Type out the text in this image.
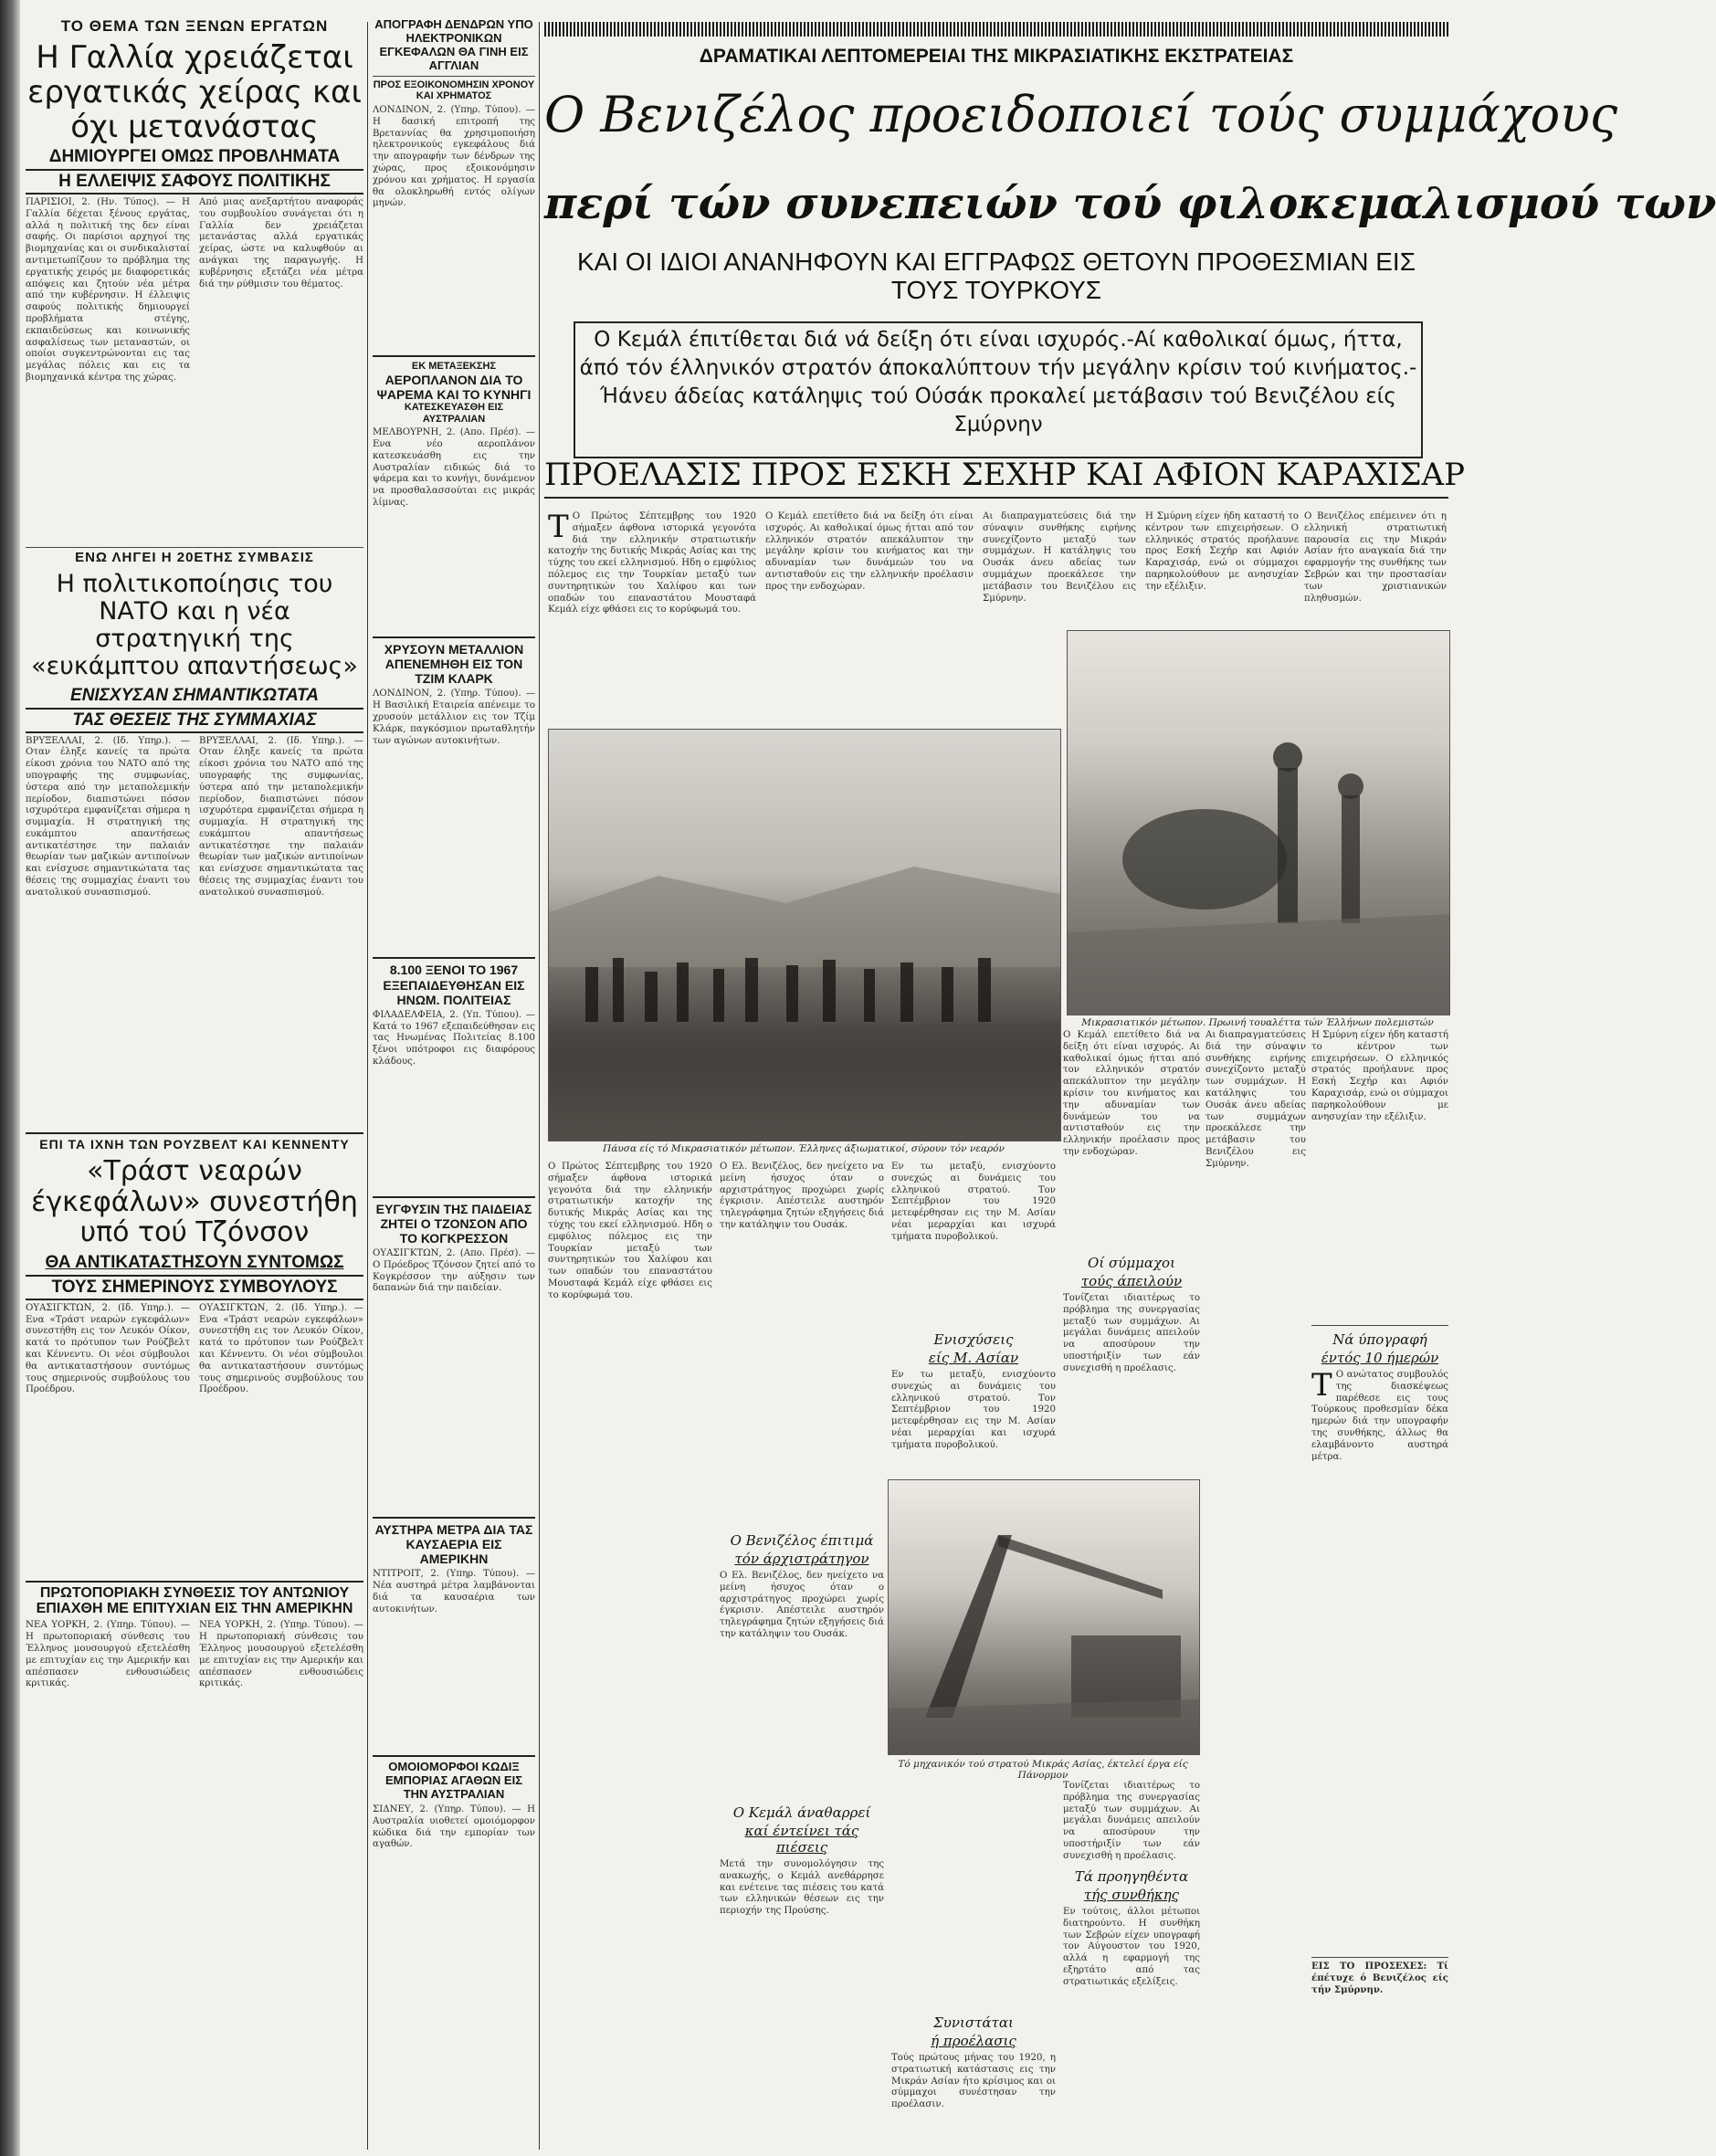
ΤΟ ΘΕΜΑ ΤΩΝ ΞΕΝΩΝ ΕΡΓΑΤΩΝ
Η Γαλλία χρειάζεται εργατικάς χείρας και όχι μετανάστας
ΔΗΜΙΟΥΡΓΕΙ ΟΜΩΣ ΠΡΟΒΛΗΜΑΤΑ
Η ΕΛΛΕΙΨΙΣ ΣΑΦΟΥΣ ΠΟΛΙΤΙΚΗΣ

ΠΑΡΙΣΙΟΙ, 2. (Ην. Τύπος). — Η Γαλλία δέχεται ξένους εργάτας, αλλά η πολιτική της δεν είναι σαφής. Οι παρίσιοι αρχηγοί της βιομηχανίας και οι συνδικαλισταί αντιμετωπίζουν το πρόβλημα της εργατικής χειρός με διαφορετικάς απόψεις και ζητούν νέα μέτρα από την κυβέρνησιν. Η έλλειψις σαφούς πολιτικής δημιουργεί προβλήματα στέγης, εκπαιδεύσεως και κοινωνικής ασφαλίσεως των μεταναστών, οι οποίοι συγκεντρώνονται εις τας μεγάλας πόλεις και εις τα βιομηχανικά κέντρα της χώρας.

Από μιας ανεξαρτήτου αναφοράς του συμβουλίου συνάγεται ότι η Γαλλία δεν χρειάζεται μετανάστας αλλά εργατικάς χείρας, ώστε να καλυφθούν αι ανάγκαι της παραγωγής. Η κυβέρνησις εξετάζει νέα μέτρα διά την ρύθμισιν του θέματος.

ΕΝΩ ΛΗΓΕΙ Η 20ΕΤΗΣ ΣΥΜΒΑΣΙΣ
Η πολιτικοποίησις του ΝΑΤΟ και η νέα στρατηγική της «ευκάμπτου απαντήσεως»
ΕΝΙΣΧΥΣΑΝ ΣΗΜΑΝΤΙΚΩΤΑΤΑ
ΤΑΣ ΘΕΣΕΙΣ ΤΗΣ ΣΥΜΜΑΧΙΑΣ

ΒΡΥΞΕΛΛΑΙ, 2. (Ιδ. Υπηρ.). — Οταν έληξε κανείς τα πρώτα είκοσι χρόνια του ΝΑΤΟ από της υπογραφής της συμφωνίας, ύστερα από την μεταπολεμικήν περίοδον, διαπιστώνει πόσον ισχυρότερα εμφανίζεται σήμερα η συμμαχία. Η στρατηγική της ευκάμπτου απαντήσεως αντικατέστησε την παλαιάν θεωρίαν των μαζικών αντιποίνων και ενίσχυσε σημαντικώτατα τας θέσεις της συμμαχίας έναντι του ανατολικού συνασπισμού.

ΒΡΥΞΕΛΛΑΙ, 2. (Ιδ. Υπηρ.). — Οταν έληξε κανείς τα πρώτα είκοσι χρόνια του ΝΑΤΟ από της υπογραφής της συμφωνίας, ύστερα από την μεταπολεμικήν περίοδον, διαπιστώνει πόσον ισχυρότερα εμφανίζεται σήμερα η συμμαχία. Η στρατηγική της ευκάμπτου απαντήσεως αντικατέστησε την παλαιάν θεωρίαν των μαζικών αντιποίνων και ενίσχυσε σημαντικώτατα τας θέσεις της συμμαχίας έναντι του ανατολικού συνασπισμού.

ΕΠΙ ΤΑ ΙΧΝΗ ΤΩΝ ΡΟΥΖΒΕΛΤ ΚΑΙ ΚΕΝΝΕΝΤΥ
«Τράστ νεαρών έγκεφάλων» συνεστήθη υπό τού Τζόνσον
ΘΑ ΑΝΤΙΚΑΤΑΣΤΗΣΟΥΝ ΣΥΝΤΟΜΩΣ
ΤΟΥΣ ΣΗΜΕΡΙΝΟΥΣ ΣΥΜΒΟΥΛΟΥΣ

ΟΥΑΣΙΓΚΤΩΝ, 2. (Ιδ. Υπηρ.). — Ενα «Τράστ νεαρών εγκεφάλων» συνεστήθη εις τον Λευκόν Οίκον, κατά το πρότυπον των Ρούζβελτ και Κέννεντυ. Οι νέοι σύμβουλοι θα αντικαταστήσουν συντόμως τους σημερινούς συμβούλους του Προέδρου.

ΟΥΑΣΙΓΚΤΩΝ, 2. (Ιδ. Υπηρ.). — Ενα «Τράστ νεαρών εγκεφάλων» συνεστήθη εις τον Λευκόν Οίκον, κατά το πρότυπον των Ρούζβελτ και Κέννεντυ. Οι νέοι σύμβουλοι θα αντικαταστήσουν συντόμως τους σημερινούς συμβούλους του Προέδρου.

ΠΡΩΤΟΠΟΡΙΑΚΗ ΣΥΝΘΕΣΙΣ ΤΟΥ ΑΝΤΩΝΙΟΥ ΕΠΙΑΧΘΗ ΜΕ ΕΠΙΤΥΧΙΑΝ ΕΙΣ ΤΗΝ ΑΜΕΡΙΚΗΝ

ΝΕΑ ΥΟΡΚΗ, 2. (Υπηρ. Τύπου). — Η πρωτοποριακή σύνθεσις του Έλληνος μουσουργού εξετελέσθη με επιτυχίαν εις την Αμερικήν και απέσπασεν ενθουσιώδεις κριτικάς.

ΝΕΑ ΥΟΡΚΗ, 2. (Υπηρ. Τύπου). — Η πρωτοποριακή σύνθεσις του Έλληνος μουσουργού εξετελέσθη με επιτυχίαν εις την Αμερικήν και απέσπασεν ενθουσιώδεις κριτικάς.

ΑΠΟΓΡΑΦΗ ΔΕΝΔΡΩΝ ΥΠΟ ΗΛΕΚΤΡΟΝΙΚΩΝ ΕΓΚΕΦΑΛΩΝ ΘΑ ΓΙΝΗ ΕΙΣ ΑΓΓΛΙΑΝ
ΠΡΟΣ ΕΞΟΙΚΟΝΟΜΗΣΙΝ ΧΡΟΝΟΥ ΚΑΙ ΧΡΗΜΑΤΟΣ

ΛΟΝΔΙΝΟΝ, 2. (Υπηρ. Τύπου). — Η δασική επιτροπή της Βρεταννίας θα χρησιμοποιήση ηλεκτρονικούς εγκεφάλους διά την απογραφήν των δένδρων της χώρας, προς εξοικονόμησιν χρόνου και χρήματος. Η εργασία θα ολοκληρωθή εντός ολίγων μηνών.

ΕΚ ΜΕΤΑΞΕΚΣΗΣ
ΑΕΡΟΠΛΑΝΟΝ ΔΙΑ ΤΟ ΨΑΡΕΜΑ ΚΑΙ ΤΟ ΚΥΝΗΓΙ
ΚΑΤΕΣΚΕΥΑΣΘΗ ΕΙΣ ΑΥΣΤΡΑΛΙΑΝ

ΜΕΛΒΟΥΡΝΗ, 2. (Απο. Πρέσ). — Ενα νέο αεροπλάνον κατεσκευάσθη εις την Αυστραλίαν ειδικώς διά το ψάρεμα και το κυνήγι, δυνάμενον να προσθαλασσούται εις μικράς λίμνας.

ΧΡΥΣΟΥΝ ΜΕΤΑΛΛΙΟΝ ΑΠΕΝΕΜΗΘΗ ΕΙΣ ΤΟΝ ΤΖΙΜ ΚΛΑΡΚ

ΛΟΝΔΙΝΟΝ, 2. (Υπηρ. Τύπου). — Η Βασιλική Εταιρεία απένειμε το χρυσούν μετάλλιον εις τον Τζίμ Κλάρκ, παγκόσμιον πρωταθλητήν των αγώνων αυτοκινήτων.

8.100 ΞΕΝΟΙ ΤΟ 1967 ΕΞΕΠΑΙΔΕΥΘΗΣΑΝ ΕΙΣ ΗΝΩΜ. ΠΟΛΙΤΕΙΑΣ

ΦΙΛΑΔΕΛΦΕΙΑ, 2. (Υπ. Τύπου). — Κατά το 1967 εξεπαιδεύθησαν εις τας Ηνωμένας Πολιτείας 8.100 ξένοι υπότροφοι εις διαφόρους κλάδους.

ΕΥΓΦΥΣΙΝ ΤΗΣ ΠΑΙΔΕΙΑΣ ΖΗΤΕΙ Ο ΤΖΟΝΣΟΝ ΑΠΟ ΤΟ ΚΟΓΚΡΕΣΣΟΝ

ΟΥΑΣΙΓΚΤΩΝ, 2. (Απο. Πρέσ). — Ο Πρόεδρος Τζόνσον ζητεί από το Κογκρέσσον την αύξησιν των δαπανών διά την παιδείαν.

ΑΥΣΤΗΡΑ ΜΕΤΡΑ ΔΙΑ ΤΑΣ ΚΑΥΣΑΕΡΙΑ ΕΙΣ ΑΜΕΡΙΚΗΝ

ΝΤΙΤΡΟΙΤ, 2. (Υπηρ. Τύπου). — Νέα αυστηρά μέτρα λαμβάνονται διά τα καυσαέρια των αυτοκινήτων.

ΟΜΟΙΟΜΟΡΦΟΙ ΚΩΔΙΞ ΕΜΠΟΡΙΑΣ ΑΓΑΘΩΝ ΕΙΣ ΤΗΝ ΑΥΣΤΡΑΛΙΑΝ

ΣΙΔΝΕΥ, 2. (Υπηρ. Τύπου). — Η Αυστραλία υιοθετεί ομοιόμορφον κώδικα διά την εμπορίαν των αγαθών.

ΔΡΑΜΑΤΙΚΑΙ ΛΕΠΤΟΜΕΡΕΙΑΙ ΤΗΣ ΜΙΚΡΑΣΙΑΤΙΚΗΣ ΕΚΣΤΡΑΤΕΙΑΣ
Ο Βενιζέλος προειδοποιεί τούς συμμάχους
περί τών συνεπειών τού φιλοκεμαλισμού των
ΚΑΙ ΟΙ ΙΔΙΟΙ ΑΝΑΝΗΦΟΥΝ ΚΑΙ ΕΓΓΡΑΦΩΣ ΘΕΤΟΥΝ ΠΡΟΘΕΣΜΙΑΝ ΕΙΣ ΤΟΥΣ ΤΟΥΡΚΟΥΣ
Ο Κεμάλ έπιτίθεται διά νά δείξη ότι είναι ισχυρός.-Αί καθολικαί όμως, ήττα, άπό τόν έλληνικόν στρατόν άποκαλύπτουν τήν μεγάλην κρίσιν τού κινήματος.- Ήάνευ άδείας κατάληψις τού Ούσάκ προκαλεί μετάβασιν τού Βενιζέλου είς Σμύρνην
ΠΡΟΕΛΑΣΙΣ ΠΡΟΣ ΕΣΚΗ ΣΕΧΗΡ ΚΑΙ ΑΦΙΟΝ ΚΑΡΑΧΙΣΑΡ
Τ Ο Πρώτος Σέπτεμβρης του 1920 σήμαξεν άφθονα ιστορικά γεγονότα διά την ελληνικήν στρατιωτικήν κατοχήν της δυτικής Μικράς Ασίας και της τύχης του εκεί ελληνισμού. Ηδη ο εμφύλιος πόλεμος εις την Τουρκίαν μεταξύ των συντηρητικών του Χαλίφου και των οπαδών του επαναστάτου Μουσταφά Κεμάλ είχε φθάσει εις το κορύφωμά του.

Ο Κεμάλ επετίθετο διά να δείξη ότι είναι ισχυρός. Αι καθολικαί όμως ήτται από τον ελληνικόν στρατόν απεκάλυπτον την μεγάλην κρίσιν του κινήματος και την αδυναμίαν των δυνάμεών του να αντισταθούν εις την ελληνικήν προέλασιν προς την ενδοχώραν.

Αι διαπραγματεύσεις διά την σύναψιν συνθήκης ειρήνης συνεχίζοντο μεταξύ των συμμάχων. Η κατάληψις του Ουσάκ άνευ αδείας των συμμάχων προεκάλεσε την μετάβασιν του Βενιζέλου εις Σμύρνην.

Η Σμύρνη είχεν ήδη καταστή το κέντρον των επιχειρήσεων. Ο ελληνικός στρατός προήλαυνε προς Εσκή Σεχήρ και Αφιόν Καραχισάρ, ενώ οι σύμμαχοι παρηκολούθουν με ανησυχίαν την εξέλιξιν.

Ο Βενιζέλος επέμεινεν ότι η ελληνική στρατιωτική παρουσία εις την Μικράν Ασίαν ήτο αναγκαία διά την εφαρμογήν της συνθήκης των Σεβρών και την προστασίαν των χριστιανικών πληθυσμών.

Πάυσα είς τό Μικρασιατικόν μέτωπον. Έλληνες άξιωματικοί, σύρουν τόν νεαρόν
Μικρασιατικόν μέτωπον. Πρωινή τουαλέττα τών Έλλήνων πολεμιστών

Ο Πρώτος Σέπτεμβρης του 1920 σήμαξεν άφθονα ιστορικά γεγονότα διά την ελληνικήν στρατιωτικήν κατοχήν της δυτικής Μικράς Ασίας και της τύχης του εκεί ελληνισμού. Ηδη ο εμφύλιος πόλεμος εις την Τουρκίαν μεταξύ των συντηρητικών του Χαλίφου και των οπαδών του επαναστάτου Μουσταφά Κεμάλ είχε φθάσει εις το κορύφωμά του.

Ο Ελ. Βενιζέλος, δεν ηνείχετο να μείνη ήσυχος όταν ο αρχιστράτηγος προχώρει χωρίς έγκρισιν. Απέστειλε αυστηρόν τηλεγράφημα ζητών εξηγήσεις διά την κατάληψιν του Ουσάκ.

Ο Βενιζέλος έπιτιμά
τόν άρχιστράτηγον

Ο Ελ. Βενιζέλος, δεν ηνείχετο να μείνη ήσυχος όταν ο αρχιστράτηγος προχώρει χωρίς έγκρισιν. Απέστειλε αυστηρόν τηλεγράφημα ζητών εξηγήσεις διά την κατάληψιν του Ουσάκ.

Ο Κεμάλ άναθαρρεί
καί έντείνει τάς πιέσεις

Μετά την συνομολόγησιν της ανακωχής, ο Κεμάλ ανεθάρρησε και ενέτεινε τας πιέσεις του κατά των ελληνικών θέσεων εις την περιοχήν της Προύσης.

Εν τω μεταξύ, ενισχύοντο συνεχώς αι δυνάμεις του ελληνικού στρατού. Τον Σεπτέμβριον του 1920 μετεφέρθησαν εις την Μ. Ασίαν νέαι μεραρχίαι και ισχυρά τμήματα πυροβολικού.

Ενισχύσεις
είς Μ. Ασίαν

Εν τω μεταξύ, ενισχύοντο συνεχώς αι δυνάμεις του ελληνικού στρατού. Τον Σεπτέμβριον του 1920 μετεφέρθησαν εις την Μ. Ασίαν νέαι μεραρχίαι και ισχυρά τμήματα πυροβολικού.

Συνιστάται
ή προέλασις

Τούς πρώτους μήνας του 1920, η στρατιωτική κατάστασις εις την Μικράν Ασίαν ήτο κρίσιμος και οι σύμμαχοι συνέστησαν την προέλασιν.

Τό μηχανικόν τού στρατού Μικράς Ασίας, έκτελεί έργα είς Πάνορμον

Ο Κεμάλ επετίθετο διά να δείξη ότι είναι ισχυρός. Αι καθολικαί όμως ήτται από τον ελληνικόν στρατόν απεκάλυπτον την μεγάλην κρίσιν του κινήματος και την αδυναμίαν των δυνάμεών του να αντισταθούν εις την ελληνικήν προέλασιν προς την ενδοχώραν.

Οί σύμμαχοι
τούς άπειλούν

Τονίζεται ιδιαιτέρως το πρόβλημα της συνεργασίας μεταξύ των συμμάχων. Αι μεγάλαι δυνάμεις απειλούν να αποσύρουν την υποστήριξίν των εάν συνεχισθή η προέλασις.

Τονίζεται ιδιαιτέρως το πρόβλημα της συνεργασίας μεταξύ των συμμάχων. Αι μεγάλαι δυνάμεις απειλούν να αποσύρουν την υποστήριξίν των εάν συνεχισθή η προέλασις.

Τά προηγηθέντα
τής συνθήκης

Εν τούτοις, άλλοι μέτωποι διατηρούντο. Η συνθήκη των Σεβρών είχεν υπογραφή τον Αύγουστον του 1920, αλλά η εφαρμογή της εξηρτάτο από τας στρατιωτικάς εξελίξεις.

Αι διαπραγματεύσεις διά την σύναψιν συνθήκης ειρήνης συνεχίζοντο μεταξύ των συμμάχων. Η κατάληψις του Ουσάκ άνευ αδείας των συμμάχων προεκάλεσε την μετάβασιν του Βενιζέλου εις Σμύρνην.

Η Σμύρνη είχεν ήδη καταστή το κέντρον των επιχειρήσεων. Ο ελληνικός στρατός προήλαυνε προς Εσκή Σεχήρ και Αφιόν Καραχισάρ, ενώ οι σύμμαχοι παρηκολούθουν με ανησυχίαν την εξέλιξιν.

Νά ύπογραφή
έντός 10 ήμερών
Τ Ο ανώτατος συμβουλός της διασκέψεως παρέθεσε εις τους Τούρκους προθεσμίαν δέκα ημερών διά την υπογραφήν της συνθήκης, άλλως θα ελαμβάνοντο αυστηρά μέτρα.

ΕΙΣ ΤΟ ΠΡΟΣΕΧΕΣ: Τί έπέτυχε ό Βενιζέλος είς τήν Σμύρνην.
